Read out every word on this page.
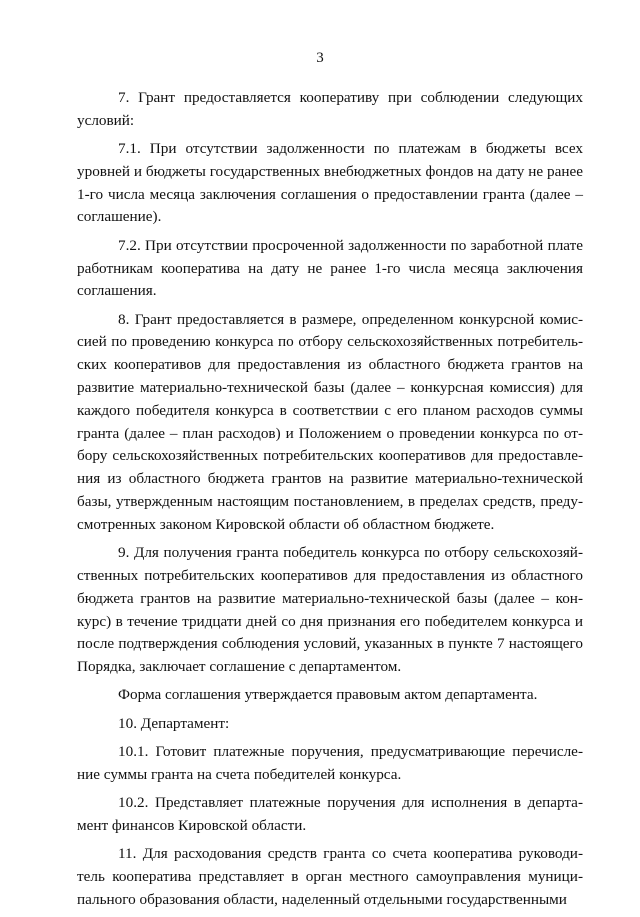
3

7. Грант предоставляется кооперативу при соблюдении следующих условий:

7.1. При отсутствии задолженности по платежам в бюджеты всех уровней и бюджеты государственных внебюджетных фондов на дату не ранее 1-го числа месяца заключения соглашения о предоставлении гранта (далее – соглашение).

7.2. При отсутствии просроченной задолженности по заработной плате работникам кооператива на дату не ранее 1-го числа месяца заключения соглашения.

8. Грант предоставляется в размере, определенном конкурсной комиссией по проведению конкурса по отбору сельскохозяйственных потребительских кооперативов для предоставления из областного бюджета грантов на развитие материально-технической базы (далее – конкурсная комиссия) для каждого победителя конкурса в соответствии с его планом расходов суммы гранта (далее – план расходов) и Положением о проведении конкурса по отбору сельскохозяйственных потребительских кооперативов для предоставления из областного бюджета грантов на развитие материально-технической базы, утвержденным настоящим постановлением, в пределах средств, предусмотренных законом Кировской области об областном бюджете.

9. Для получения гранта победитель конкурса по отбору сельскохозяйственных потребительских кооперативов для предоставления из областного бюджета грантов на развитие материально-технической базы (далее – конкурс) в течение тридцати дней со дня признания его победителем конкурса и после подтверждения соблюдения условий, указанных в пункте 7 настоящего Порядка, заключает соглашение с департаментом.

Форма соглашения утверждается правовым актом департамента.

10. Департамент:

10.1. Готовит платежные поручения, предусматривающие перечисление суммы гранта на счета победителей конкурса.

10.2. Представляет платежные поручения для исполнения в департамент финансов Кировской области.

11. Для расходования средств гранта со счета кооператива руководитель кооператива представляет в орган местного самоуправления муниципального образования области, наделенный отдельными государственными
